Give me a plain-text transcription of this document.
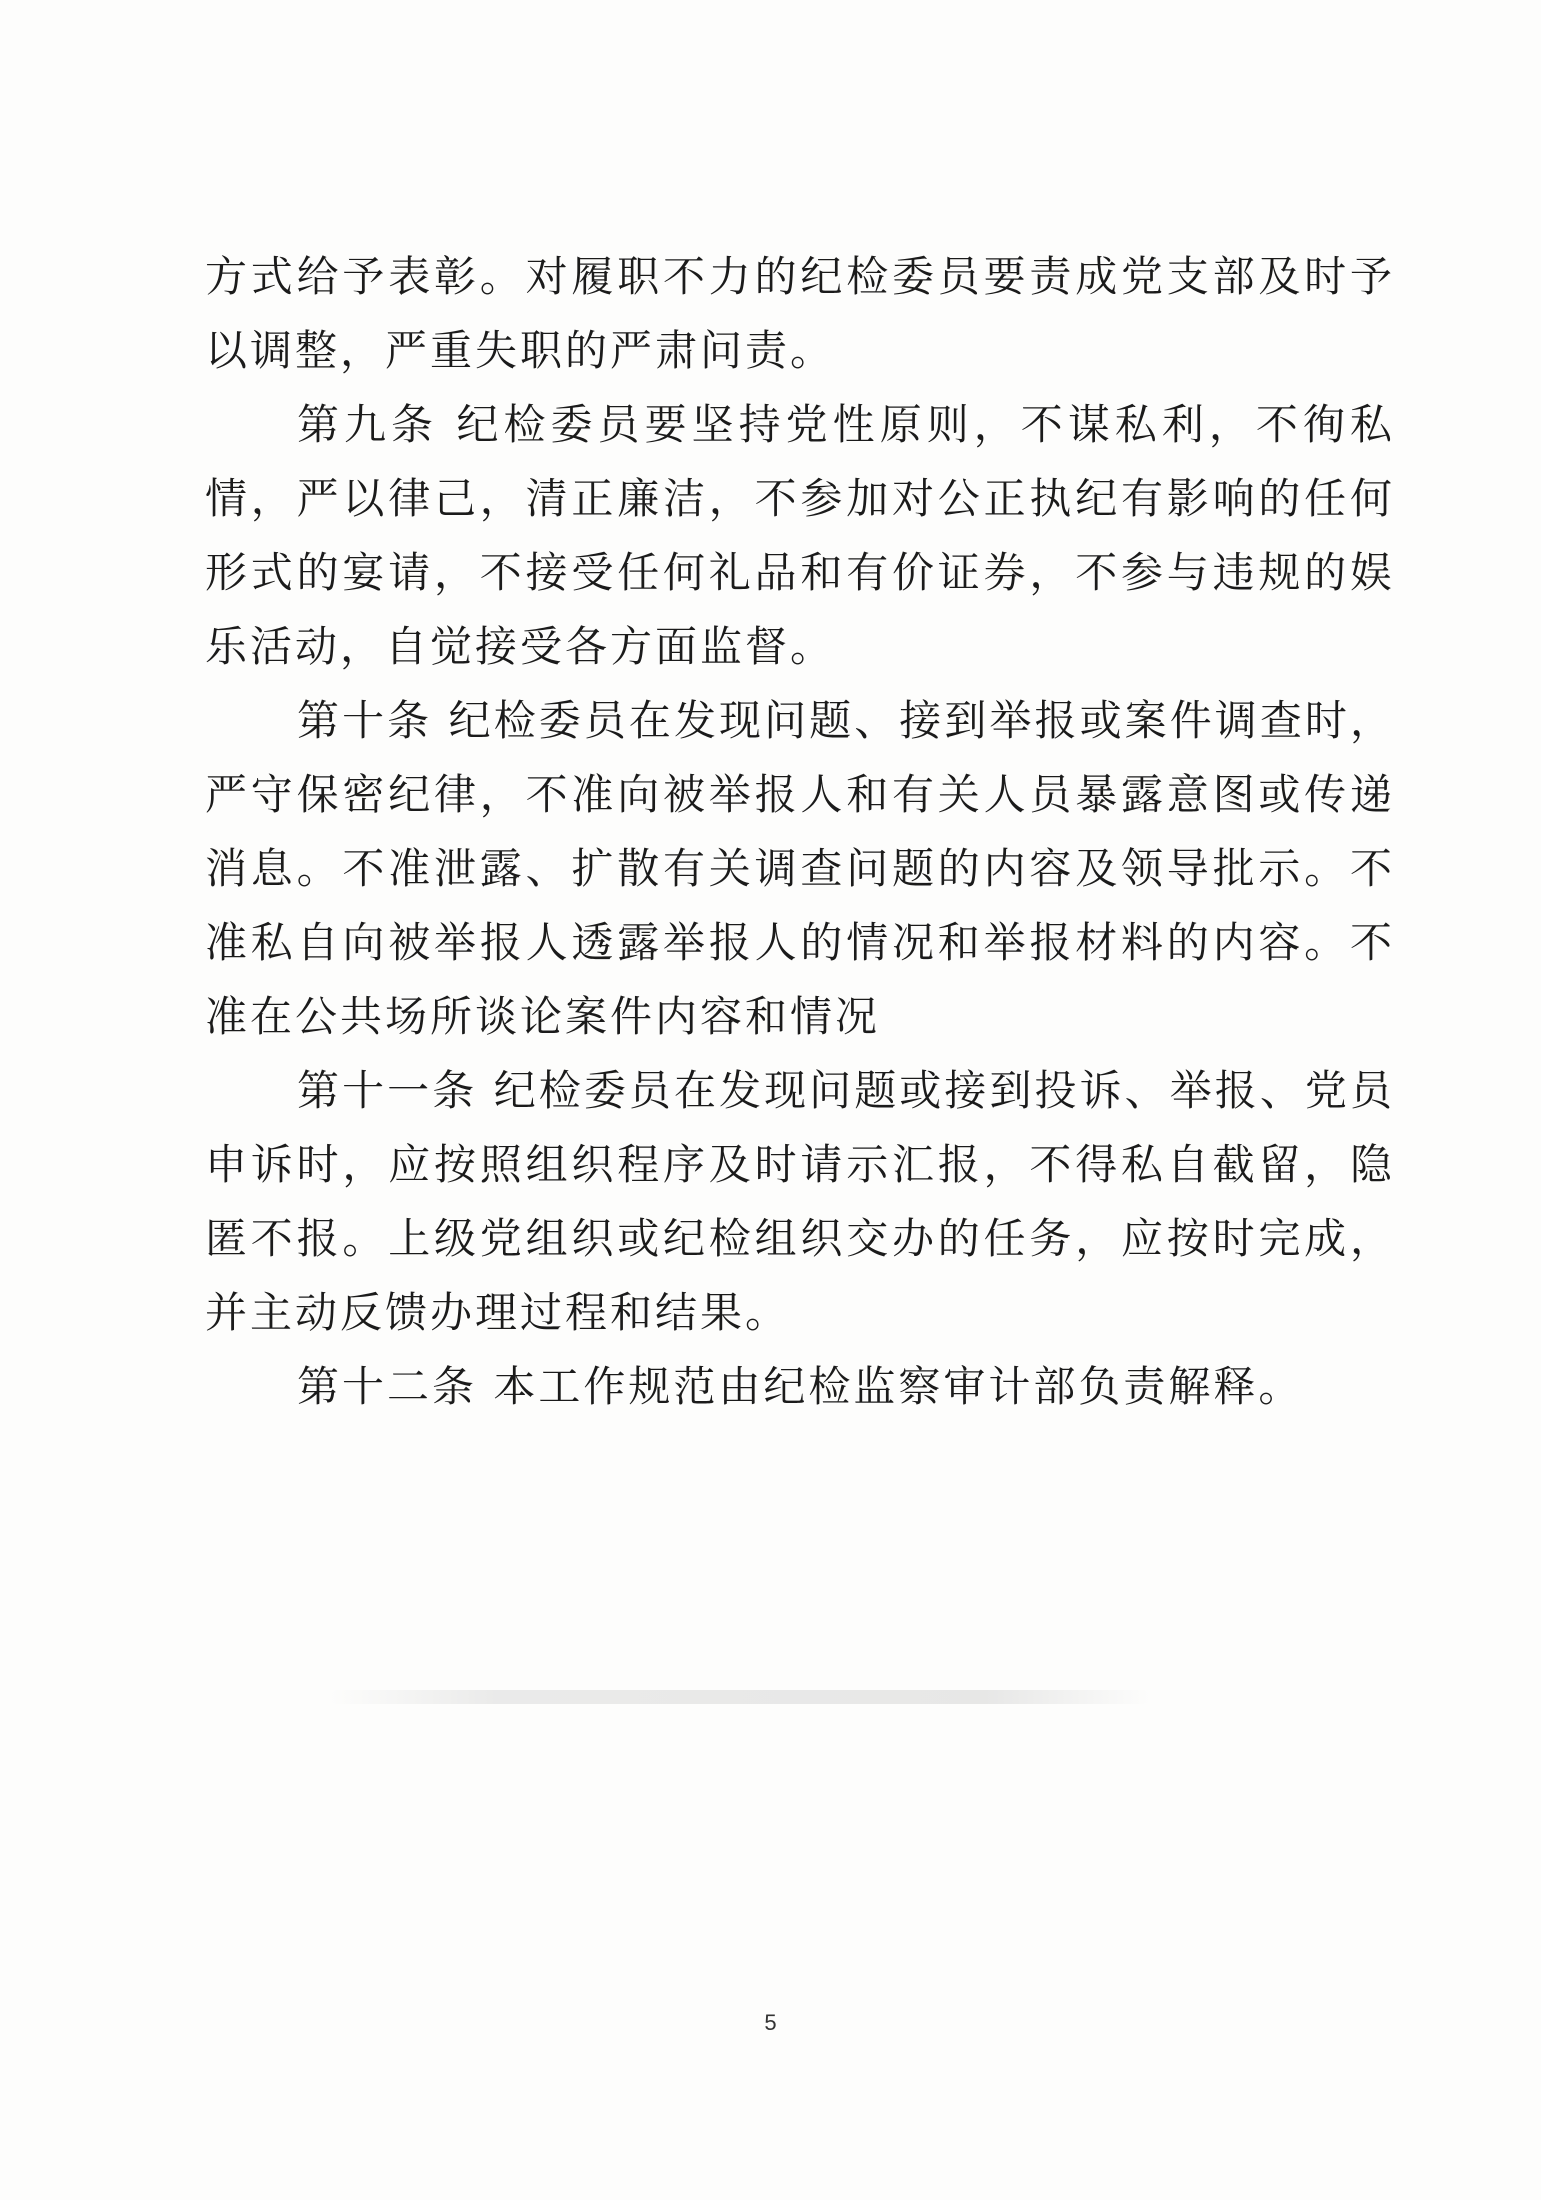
方式给予表彰。对履职不力的纪检委员要责成党支部及时予以调整，严重失职的严肃问责。

第九条 纪检委员要坚持党性原则，不谋私利，不徇私情，严以律己，清正廉洁，不参加对公正执纪有影响的任何形式的宴请，不接受任何礼品和有价证券，不参与违规的娱乐活动，自觉接受各方面监督。

第十条 纪检委员在发现问题、接到举报或案件调查时，严守保密纪律，不准向被举报人和有关人员暴露意图或传递消息。不准泄露、扩散有关调查问题的内容及领导批示。不准私自向被举报人透露举报人的情况和举报材料的内容。不准在公共场所谈论案件内容和情况

第十一条 纪检委员在发现问题或接到投诉、举报、党员申诉时，应按照组织程序及时请示汇报，不得私自截留，隐匿不报。上级党组织或纪检组织交办的任务，应按时完成，并主动反馈办理过程和结果。

第十二条 本工作规范由纪检监察审计部负责解释。

5
